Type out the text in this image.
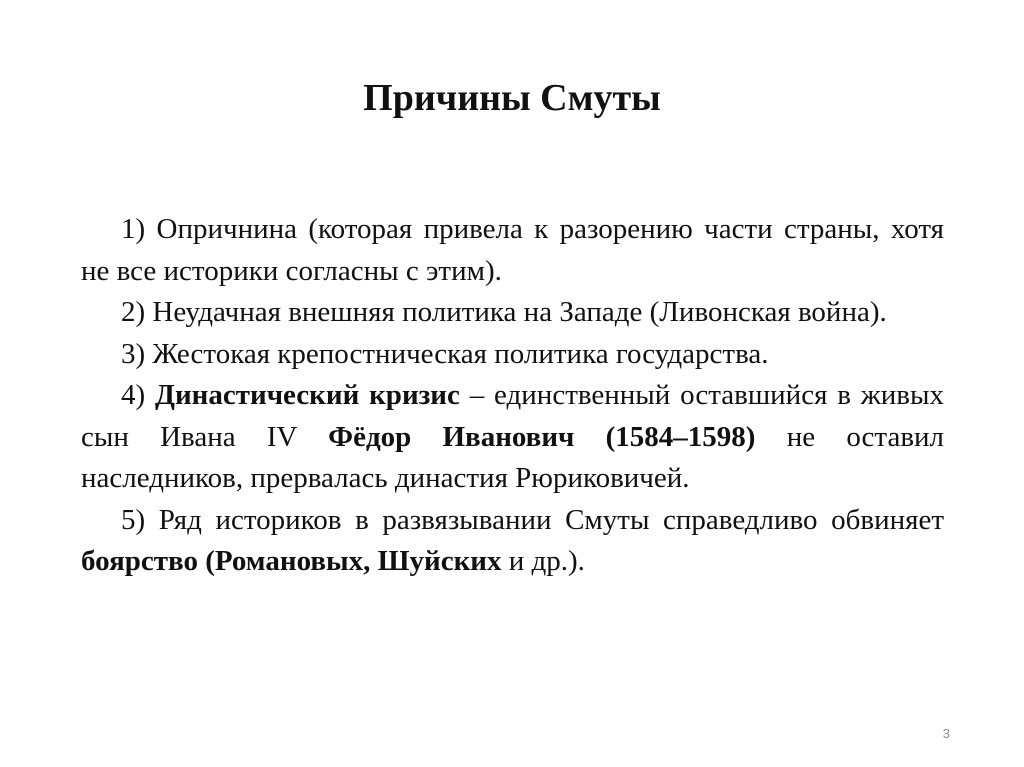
Причины Смуты

1) Опричнина (которая привела к разорению части страны, хотя не все историки согласны с этим).

2) Неудачная внешняя политика на Западе (Ливонская война).

3) Жестокая крепостническая политика государства.

4) Династический кризис – единственный оставшийся в живых сын Ивана IV Фёдор Иванович (1584–1598) не оставил наследников, прервалась династия Рюриковичей.

5) Ряд историков в развязывании Смуты справедливо обвиняет боярство (Романовых, Шуйских и др.).

3
